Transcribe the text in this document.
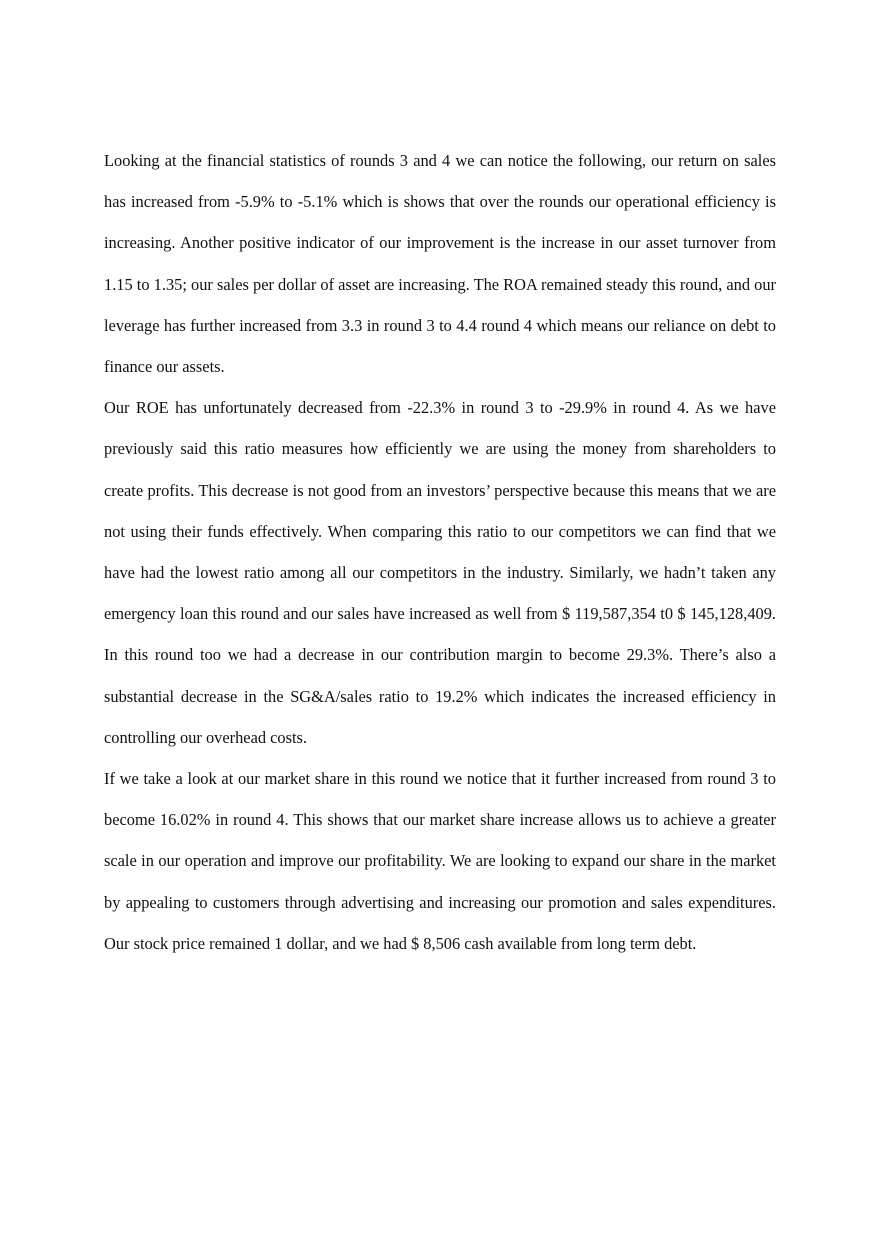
Looking at the financial statistics of rounds 3 and 4 we can notice the following, our return on sales has increased from -5.9% to -5.1% which is shows that over the rounds our operational efficiency is increasing. Another positive indicator of our improvement is the increase in our asset turnover from 1.15 to 1.35; our sales per dollar of asset are increasing. The ROA remained steady this round, and our leverage has further increased from 3.3 in round 3 to 4.4 round 4 which means our reliance on debt to finance our assets.

Our ROE has unfortunately decreased from -22.3% in round 3 to -29.9% in round 4. As we have previously said this ratio measures how efficiently we are using the money from shareholders to create profits. This decrease is not good from an investors’ perspective because this means that we are not using their funds effectively. When comparing this ratio to our competitors we can find that we have had the lowest ratio among all our competitors in the industry. Similarly, we hadn’t taken any emergency loan this round and our sales have increased as well from $ 119,587,354 t0 $ 145,128,409. In this round too we had a decrease in our contribution margin to become 29.3%. There’s also a substantial decrease in the SG&A/sales ratio to 19.2% which indicates the increased efficiency in controlling our overhead costs.

If we take a look at our market share in this round we notice that it further increased from round 3 to become 16.02% in round 4. This shows that our market share increase allows us to achieve a greater scale in our operation and improve our profitability. We are looking to expand our share in the market by appealing to customers through advertising and increasing our promotion and sales expenditures. Our stock price remained 1 dollar, and we had $ 8,506 cash available from long term debt.
